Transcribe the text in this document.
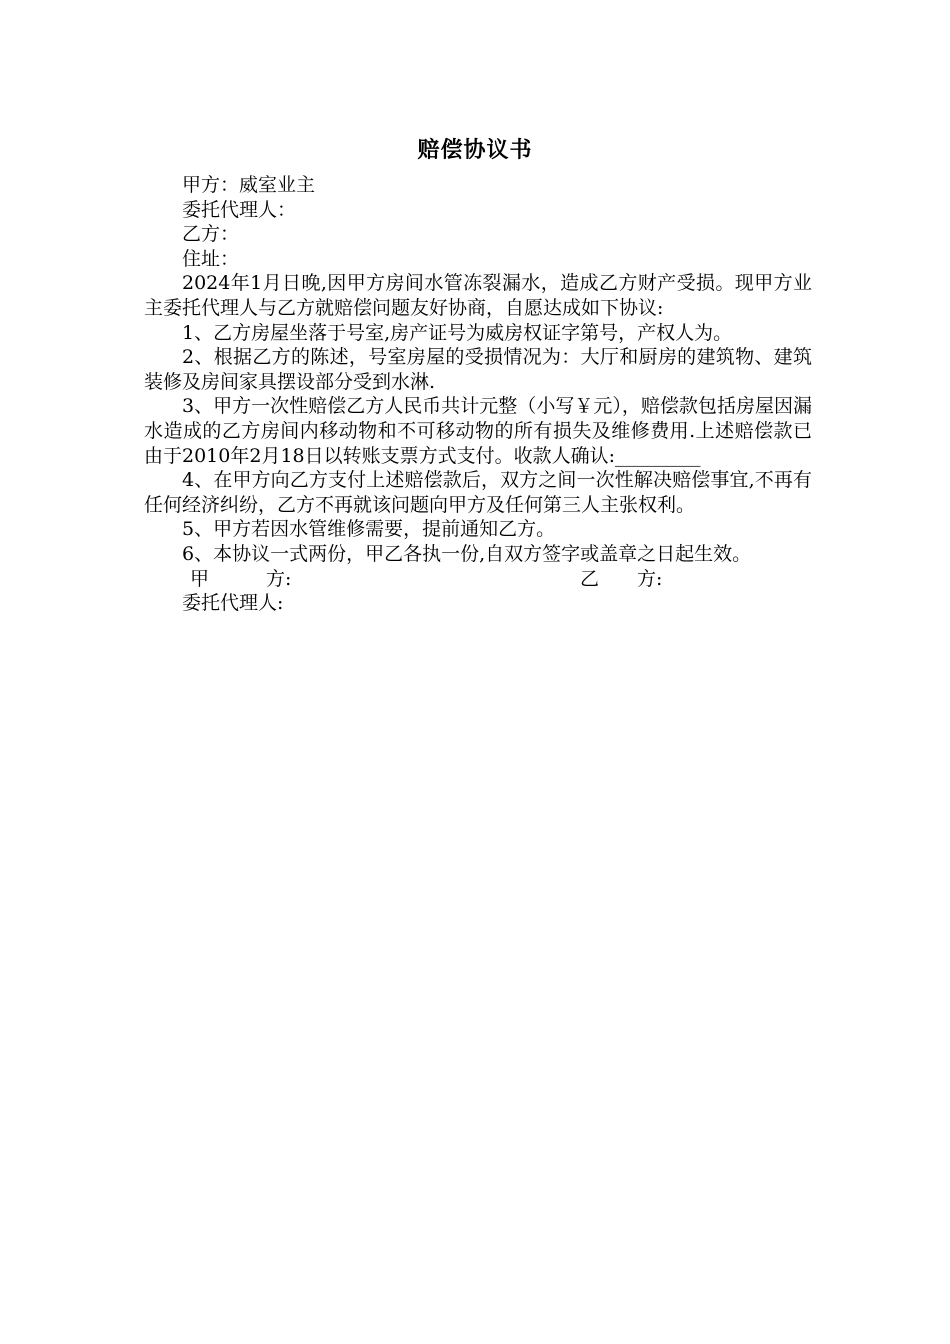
赔偿协议书

甲方：威室业主

委托代理人：

乙方：

住址：

2024年1月日晚,因甲方房间水管冻裂漏水，造成乙方财产受损。现甲方业主委托代理人与乙方就赔偿问题友好协商，自愿达成如下协议:

1、乙方房屋坐落于号室,房产证号为威房权证字第号，产权人为。

2、根据乙方的陈述，号室房屋的受损情况为：大厅和厨房的建筑物、建筑装修及房间家具摆设部分受到水淋.

3、甲方一次性赔偿乙方人民币共计元整（小写￥元），赔偿款包括房屋因漏水造成的乙方房间内移动物和不可移动物的所有损失及维修费用.上述赔偿款已由于2010年2月18日以转账支票方式支付。收款人确认:_________

4、在甲方向乙方支付上述赔偿款后，双方之间一次性解决赔偿事宜,不再有任何经济纠纷，乙方不再就该问题向甲方及任何第三人主张权利。

5、甲方若因水管维修需要，提前通知乙方。

6、本协议一式两份，甲乙各执一份,自双方签字或盖章之日起生效。

甲　　　方:	乙　　方:

委托代理人:
